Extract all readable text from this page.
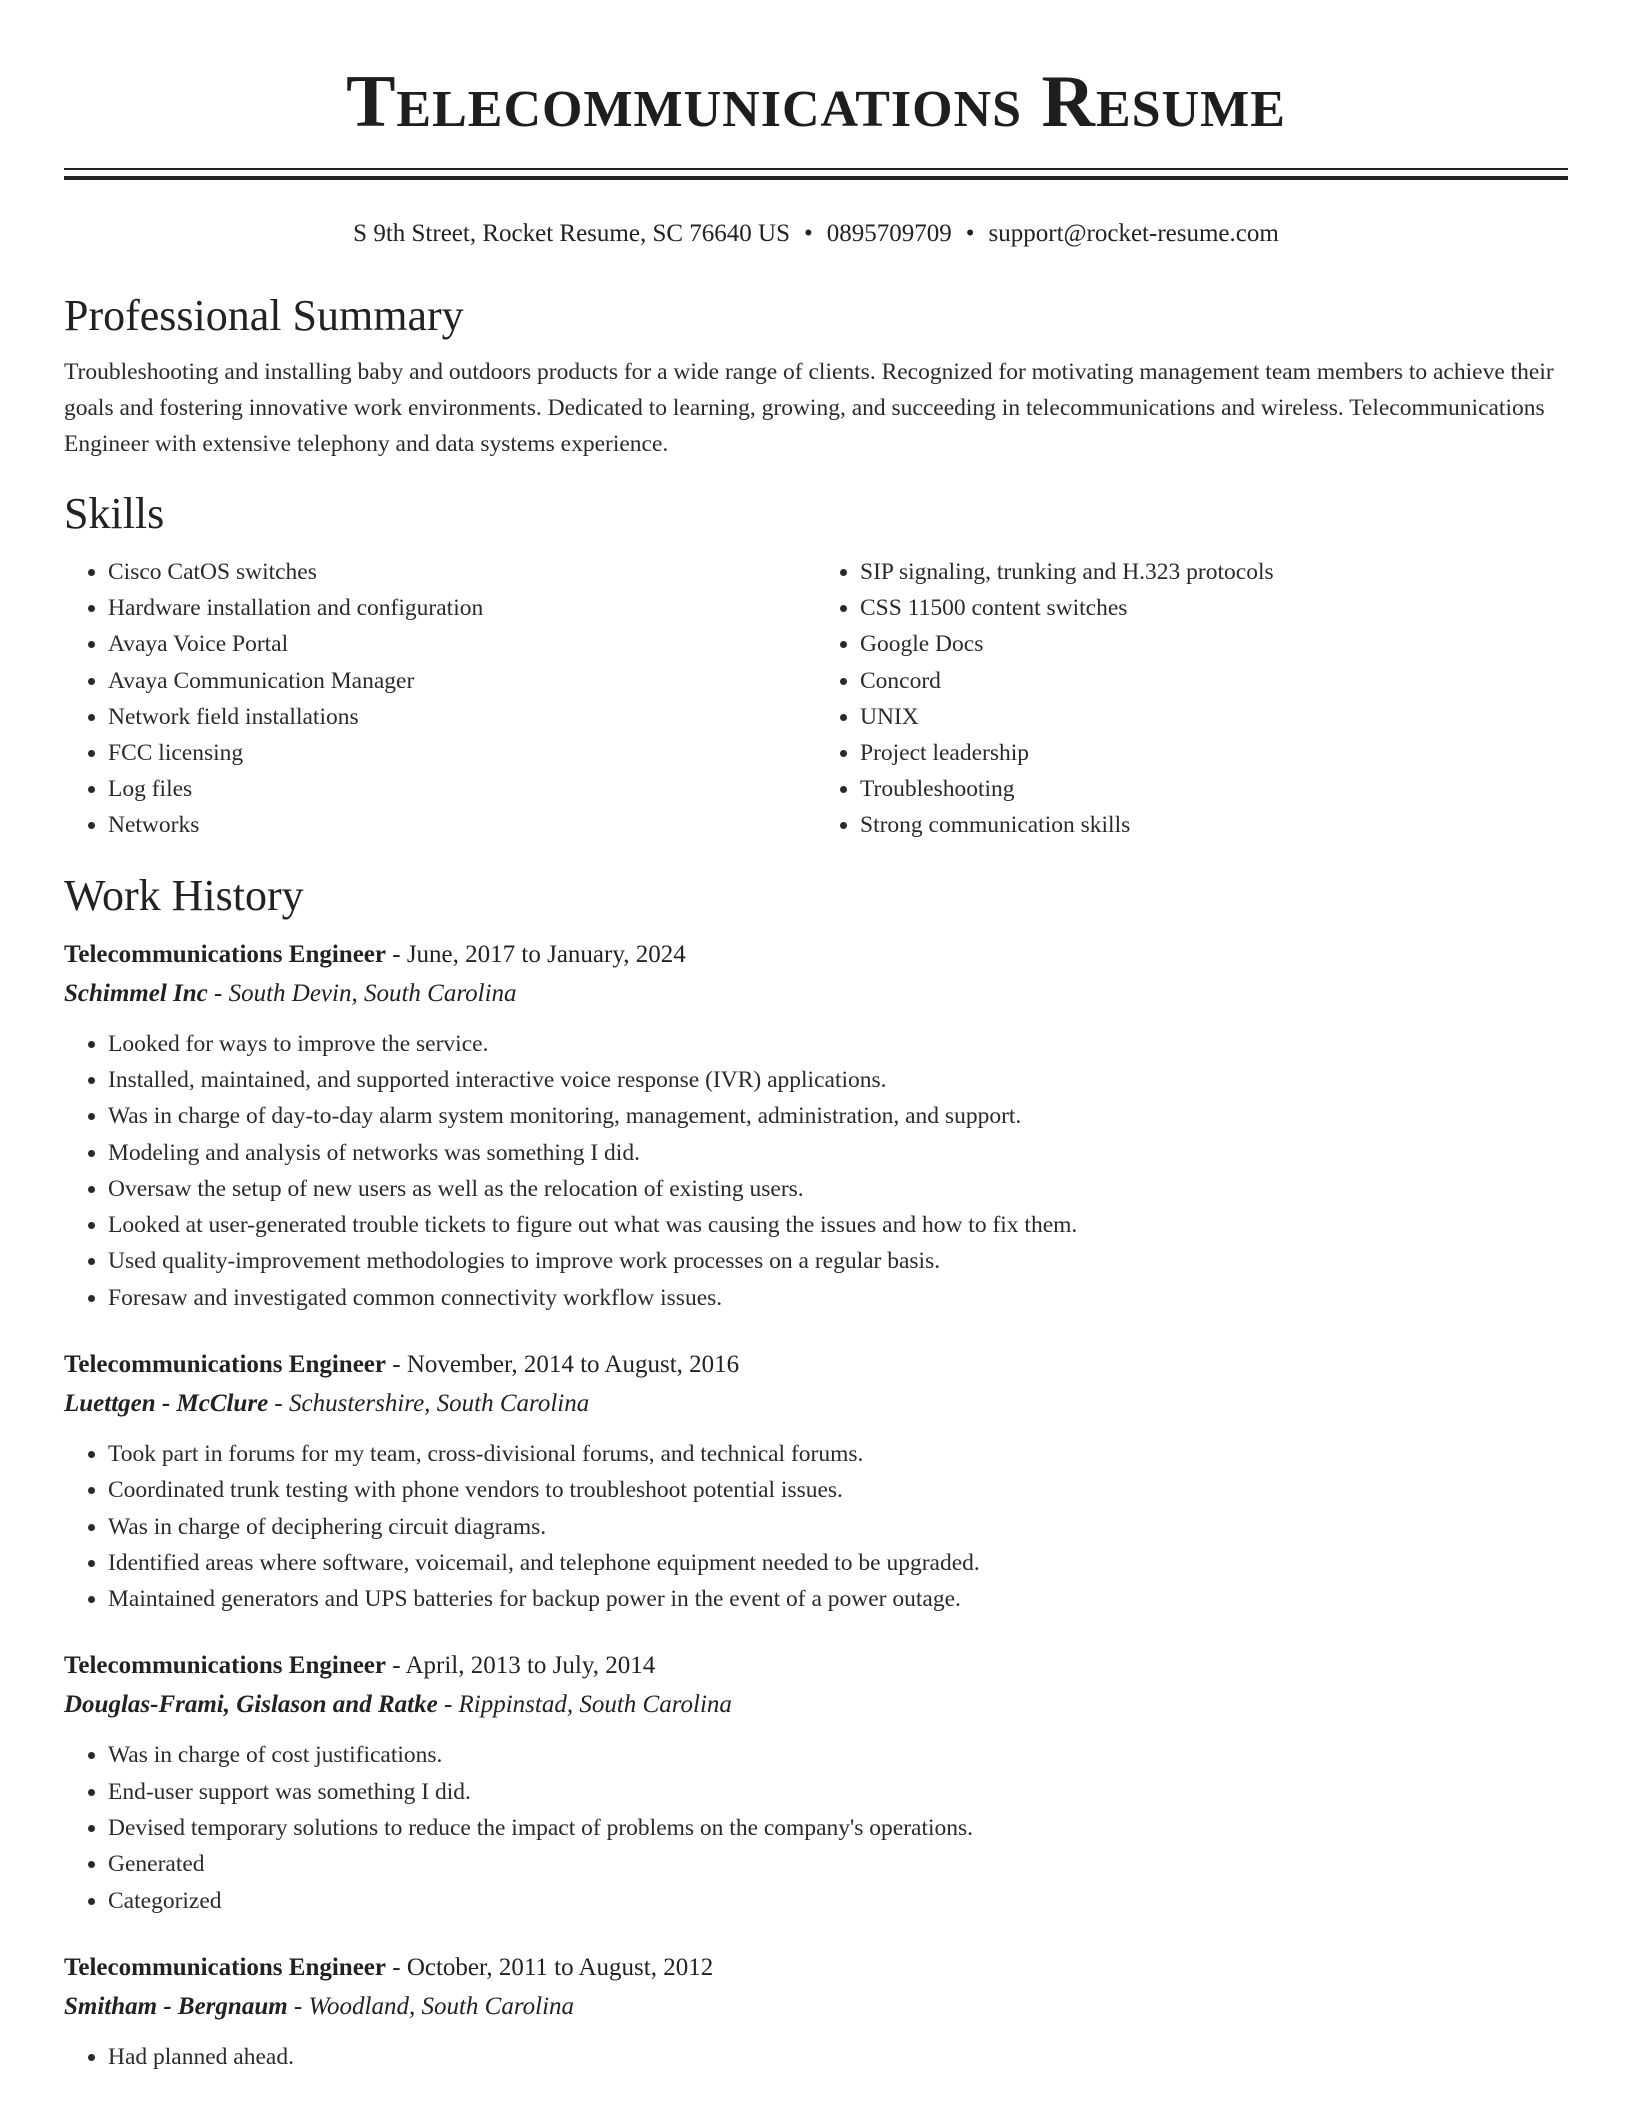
Telecommunications Resume
S 9th Street, Rocket Resume, SC 76640 US • 0895709709 • support@rocket-resume.com
Professional Summary

Troubleshooting and installing baby and outdoors products for a wide range of clients. Recognized for motivating management team members to achieve their goals and fostering innovative work environments. Dedicated to learning, growing, and succeeding in telecommunications and wireless. Telecommunications Engineer with extensive telephony and data systems experience.

Skills
• Cisco CatOS switches
• Hardware installation and configuration
• Avaya Voice Portal
• Avaya Communication Manager
• Network field installations
• FCC licensing
• Log files
• Networks
• SIP signaling, trunking and H.323 protocols
• CSS 11500 content switches
• Google Docs
• Concord
• UNIX
• Project leadership
• Troubleshooting
• Strong communication skills
Work History
Telecommunications Engineer - June, 2017 to January, 2024
Schimmel Inc - South Devin, South Carolina
• Looked for ways to improve the service.
• Installed, maintained, and supported interactive voice response (IVR) applications.
• Was in charge of day-to-day alarm system monitoring, management, administration, and support.
• Modeling and analysis of networks was something I did.
• Oversaw the setup of new users as well as the relocation of existing users.
• Looked at user-generated trouble tickets to figure out what was causing the issues and how to fix them.
• Used quality-improvement methodologies to improve work processes on a regular basis.
• Foresaw and investigated common connectivity workflow issues.
Telecommunications Engineer - November, 2014 to August, 2016
Luettgen - McClure - Schustershire, South Carolina
• Took part in forums for my team, cross-divisional forums, and technical forums.
• Coordinated trunk testing with phone vendors to troubleshoot potential issues.
• Was in charge of deciphering circuit diagrams.
• Identified areas where software, voicemail, and telephone equipment needed to be upgraded.
• Maintained generators and UPS batteries for backup power in the event of a power outage.
Telecommunications Engineer - April, 2013 to July, 2014
Douglas-Frami, Gislason and Ratke - Rippinstad, South Carolina
• Was in charge of cost justifications.
• End-user support was something I did.
• Devised temporary solutions to reduce the impact of problems on the company's operations.
• Generated
• Categorized
Telecommunications Engineer - October, 2011 to August, 2012
Smitham - Bergnaum - Woodland, South Carolina
• Had planned ahead.
